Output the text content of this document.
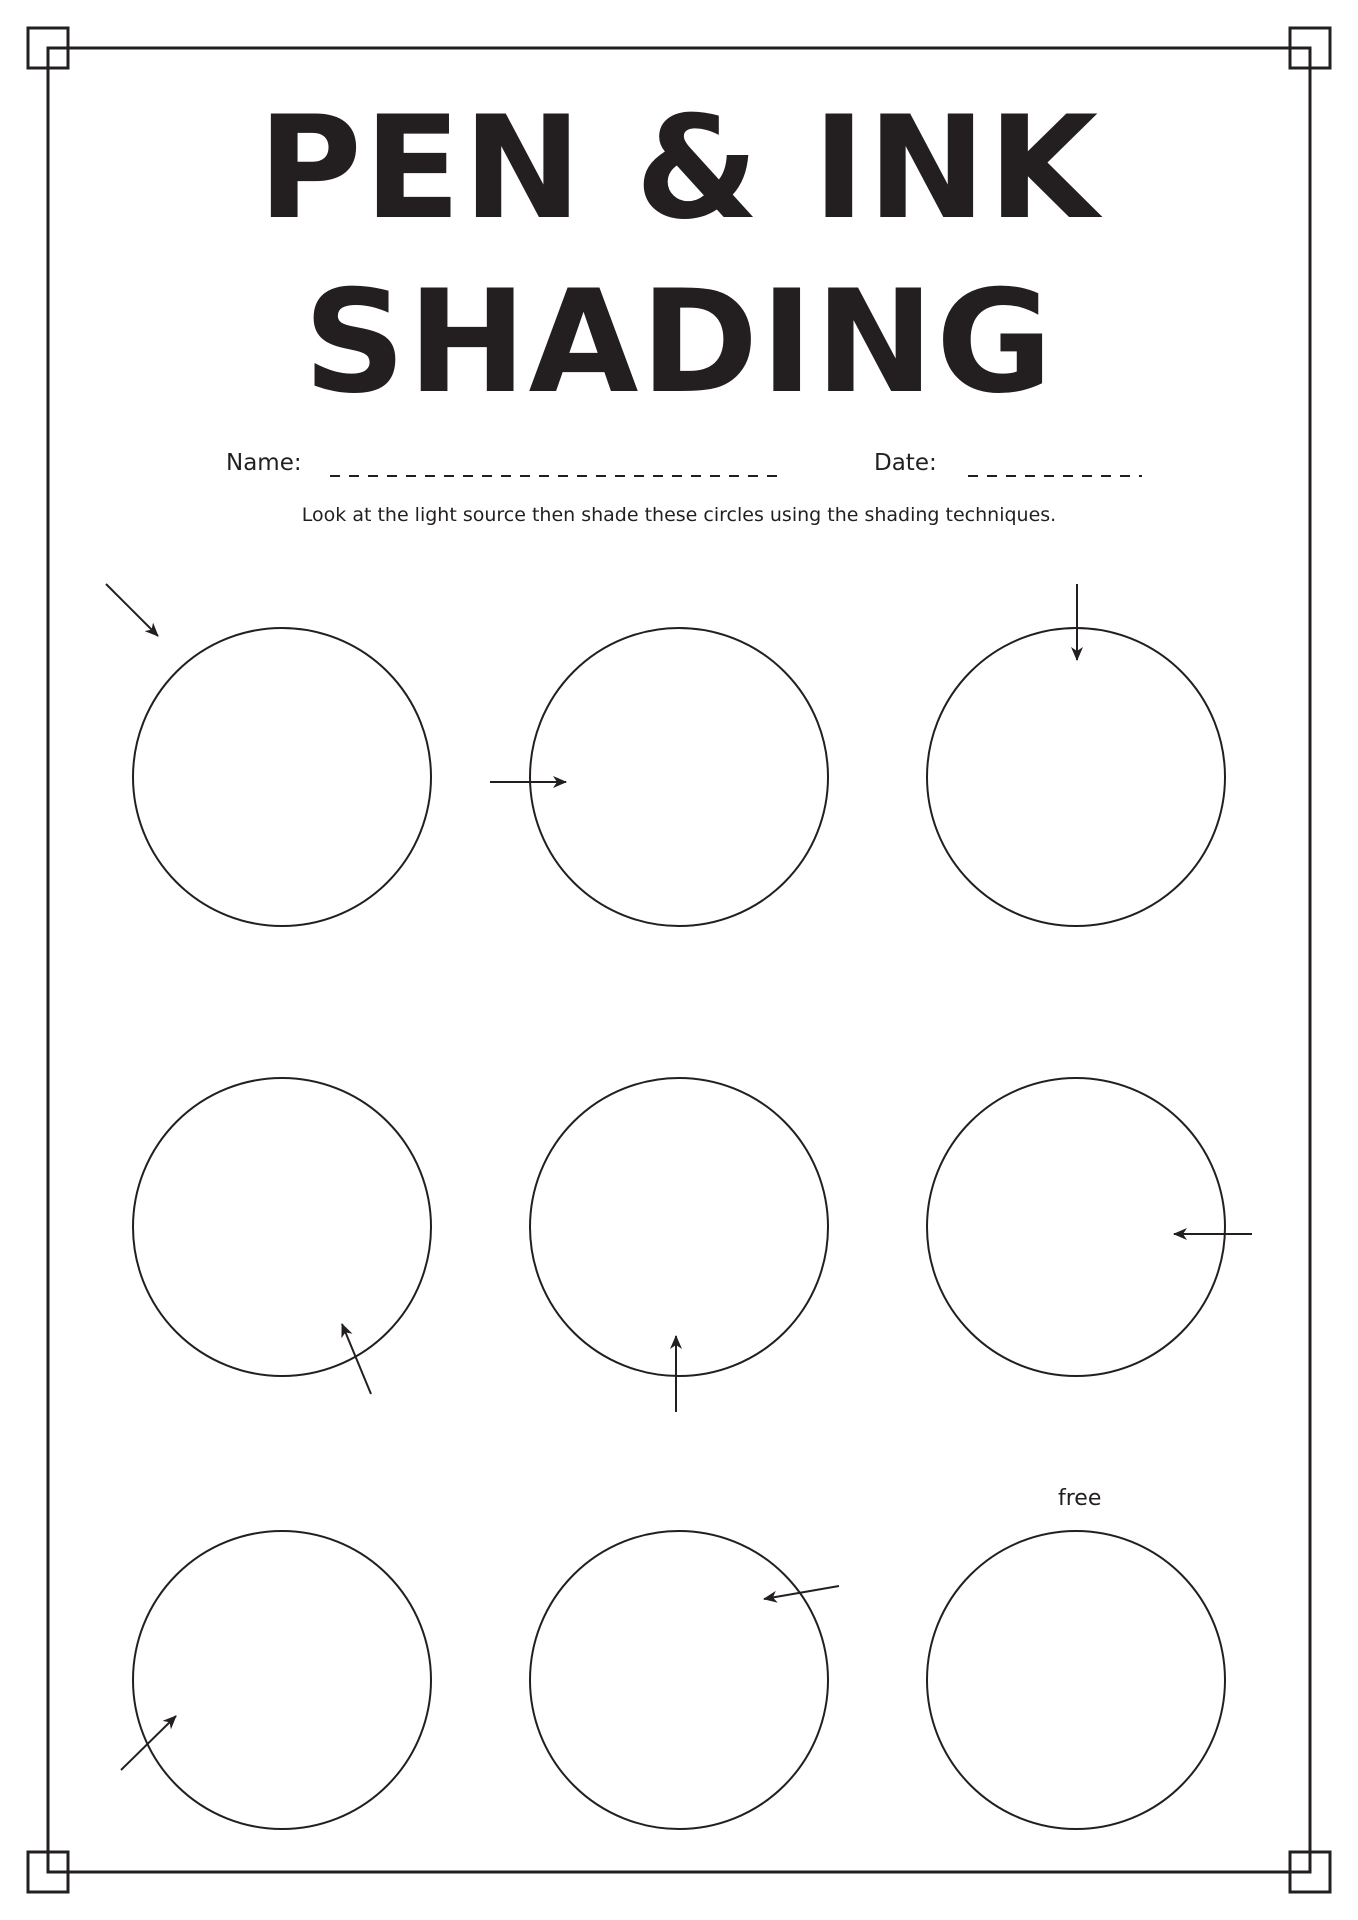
PEN & INK
SHADING
Name:	Date:
Look at the light source then shade these circles using the shading techniques.
free
